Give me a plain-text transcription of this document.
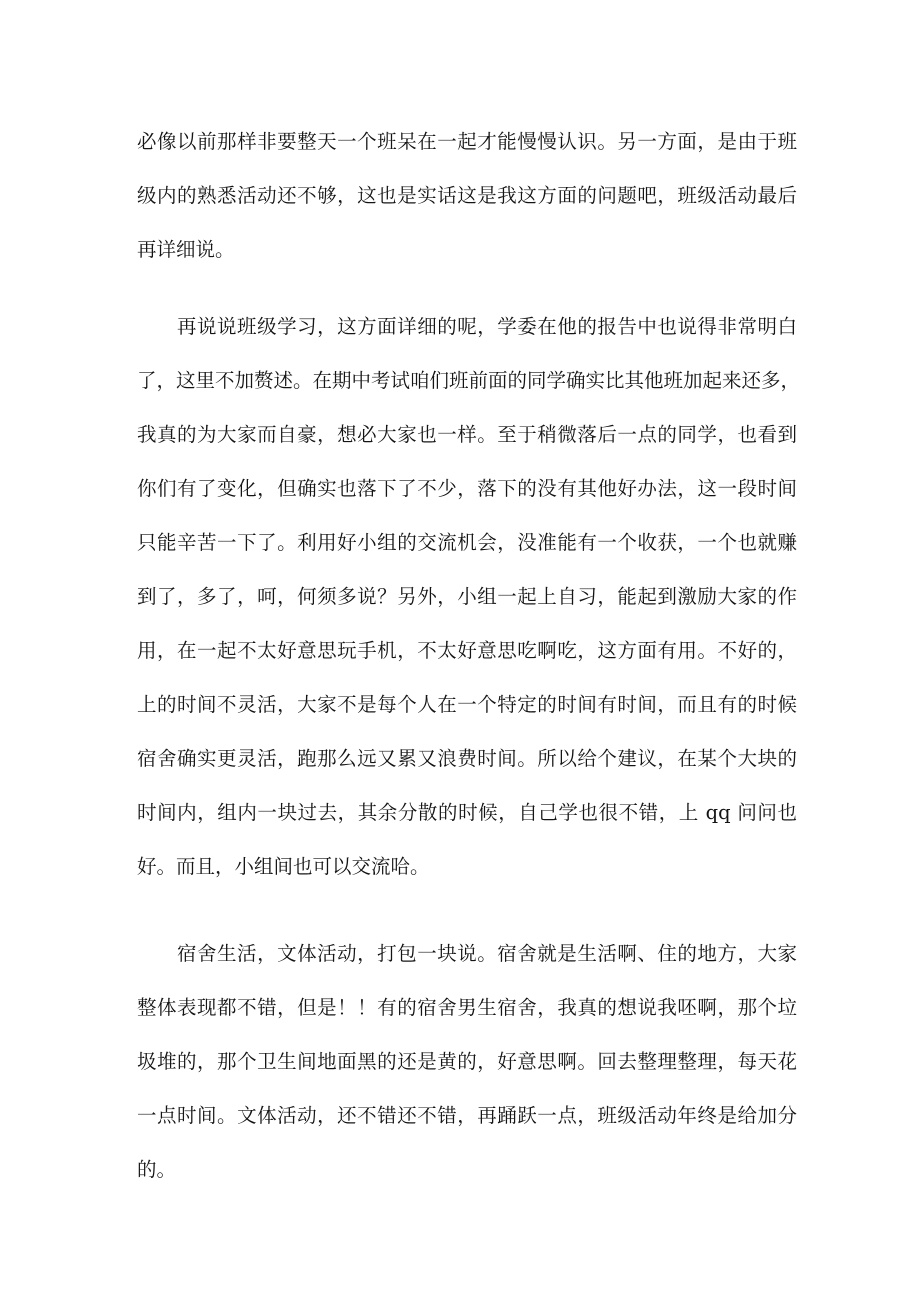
必像以前那样非要整天一个班呆在一起才能慢慢认识。另一方面，是由于班
级内的熟悉活动还不够，这也是实话这是我这方面的问题吧，班级活动最后
再详细说。
再说说班级学习，这方面详细的呢，学委在他的报告中也说得非常明白
了，这里不加赘述。在期中考试咱们班前面的同学确实比其他班加起来还多，
我真的为大家而自豪，想必大家也一样。至于稍微落后一点的同学，也看到
你们有了变化，但确实也落下了不少，落下的没有其他好办法，这一段时间
只能辛苦一下了。利用好小组的交流机会，没准能有一个收获，一个也就赚
到了，多了，呵，何须多说？另外，小组一起上自习，能起到激励大家的作
用，在一起不太好意思玩手机，不太好意思吃啊吃，这方面有用。不好的，
上的时间不灵活，大家不是每个人在一个特定的时间有时间，而且有的时候
宿舍确实更灵活，跑那么远又累又浪费时间。所以给个建议，在某个大块的
时间内，组内一块过去，其余分散的时候，自己学也很不错，上 qq 问问也
好。而且，小组间也可以交流哈。
宿舍生活，文体活动，打包一块说。宿舍就是生活啊、住的地方，大家
整体表现都不错，但是！！有的宿舍男生宿舍，我真的想说我呸啊，那个垃
圾堆的，那个卫生间地面黑的还是黄的，好意思啊。回去整理整理，每天花
一点时间。文体活动，还不错还不错，再踊跃一点，班级活动年终是给加分
的。
